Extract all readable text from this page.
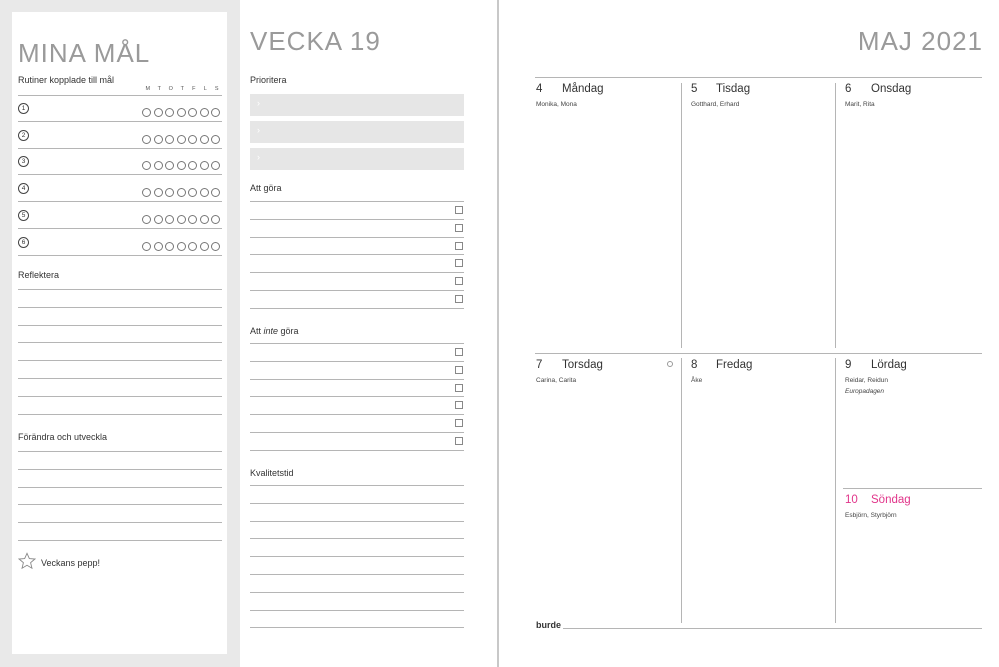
MINA MÅL
Rutiner kopplade till mål
M T O T F L S
1
2
3
4
5
6
Reflektera
Förändra och utveckla
Veckans pepp!
VECKA 19
Prioritera
›
›
›
Att göra
Att inte göra
Kvalitetstid
MAJ 2021
4 Måndag
Monika, Mona
5 Tisdag
Gotthard, Erhard
6 Onsdag
Marit, Rita
7 Torsdag
Carina, Carita
8 Fredag
Åke
9 Lördag
Reidar, Reidun
Europadagen
10 Söndag
Esbjörn, Styrbjörn
burde
